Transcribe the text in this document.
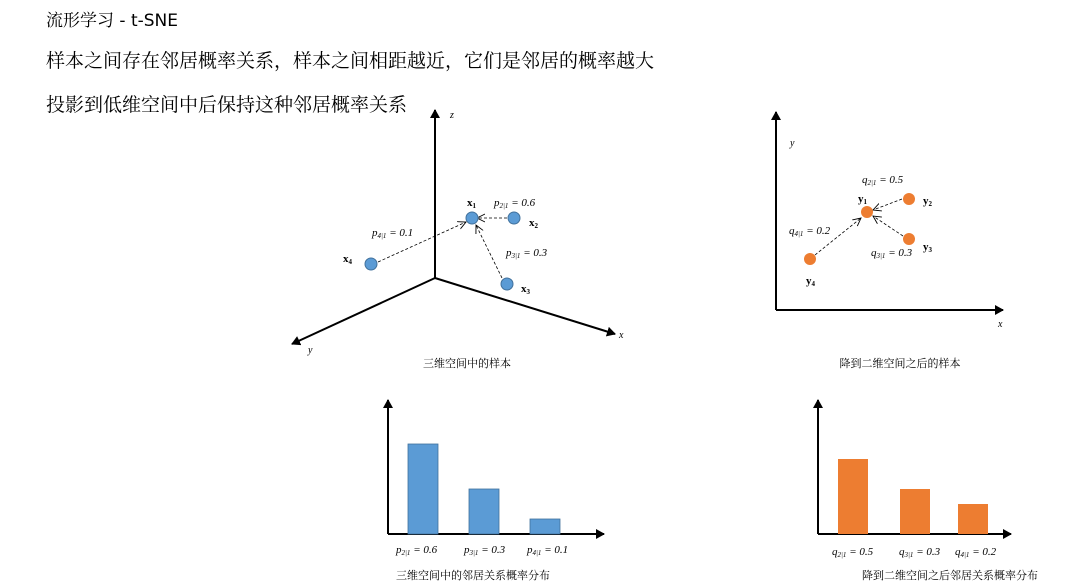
流形学习 - t-SNE
样本之间存在邻居概率关系，样本之间相距越近，它们是邻居的概率越大
投影到低维空间中后保持这种邻居概率关系	z
x
y
x1
x2
x3
x4
p2|1 = 0.6
p3|1 = 0.3
p4|1 = 0.1
三维空间中的样本
y
x
y1	y2
y3
y4
q2|1 = 0.5
q3|1 = 0.3
q4|1 = 0.2
降到二维空间之后的样本
p2|1 = 0.6 p3|1 = 0.3 p4|1 = 0.1
三维空间中的邻居关系概率分布
q2|1 = 0.5 q3|1 = 0.3 q4|1 = 0.2
降到二维空间之后邻居关系概率分布
